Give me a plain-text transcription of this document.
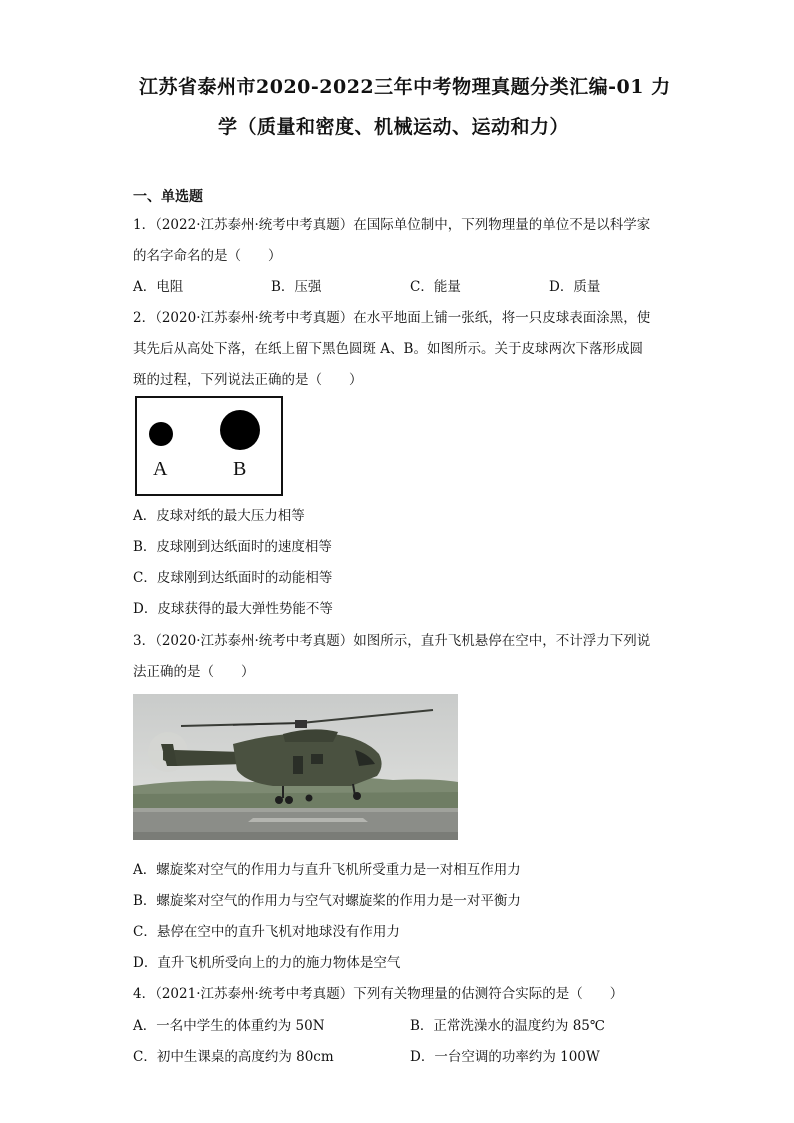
江苏省泰州市2020-2022三年中考物理真题分类汇编-01 力
学（质量和密度、机械运动、运动和力）
一、单选题
1．（2022·江苏泰州·统考中考真题）在国际单位制中，下列物理量的单位不是以科学家
的名字命名的是（　　）
A．电阻	B．压强	C．能量	D．质量
2．（2020·江苏泰州·统考中考真题）在水平地面上铺一张纸，将一只皮球表面涂黑，使
其先后从高处下落，在纸上留下黑色圆斑 A、B。如图所示。关于皮球两次下落形成圆
斑的过程，下列说法正确的是（　　）
A	B
A．皮球对纸的最大压力相等
B．皮球刚到达纸面时的速度相等
C．皮球刚到达纸面时的动能相等
D．皮球获得的最大弹性势能不等
3．（2020·江苏泰州·统考中考真题）如图所示，直升飞机悬停在空中，不计浮力下列说
法正确的是（　　）
A．螺旋桨对空气的作用力与直升飞机所受重力是一对相互作用力
B．螺旋桨对空气的作用力与空气对螺旋桨的作用力是一对平衡力
C．悬停在空中的直升飞机对地球没有作用力
D．直升飞机所受向上的力的施力物体是空气
4．（2021·江苏泰州·统考中考真题）下列有关物理量的估测符合实际的是（　　）
A．一名中学生的体重约为 50N	B．正常洗澡水的温度约为 85℃
C．初中生课桌的高度约为 80cm	D．一台空调的功率约为 100W
